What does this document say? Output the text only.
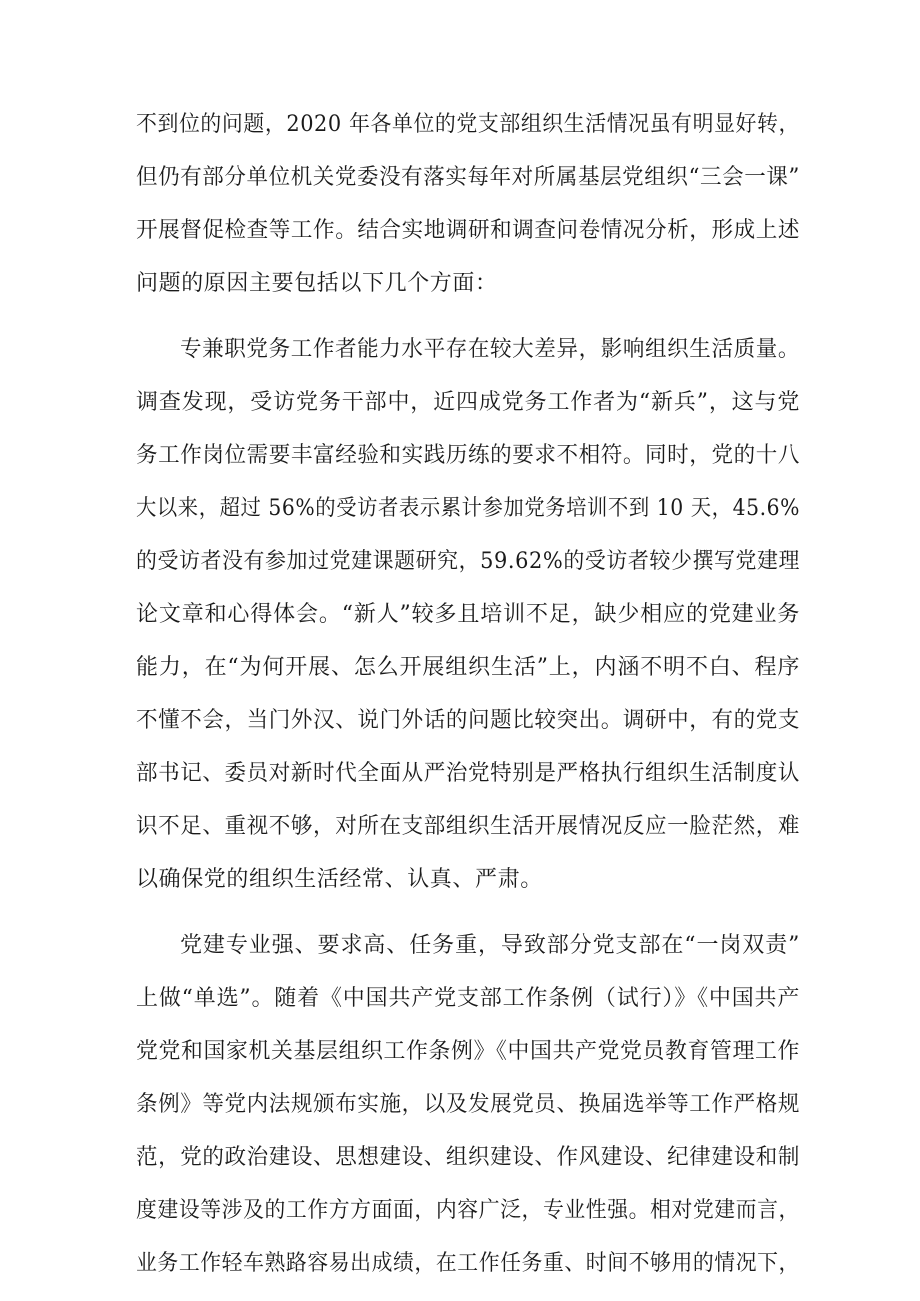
不到位的问题，2020 年各单位的党支部组织生活情况虽有明显好转，

但仍有部分单位机关党委没有落实每年对所属基层党组织“三会一课”

开展督促检查等工作。结合实地调研和调查问卷情况分析，形成上述

问题的原因主要包括以下几个方面：

专兼职党务工作者能力水平存在较大差异，影响组织生活质量。

调查发现，受访党务干部中，近四成党务工作者为“新兵”，这与党

务工作岗位需要丰富经验和实践历练的要求不相符。同时，党的十八

大以来，超过 56%的受访者表示累计参加党务培训不到 10 天，45.6%

的受访者没有参加过党建课题研究，59.62%的受访者较少撰写党建理

论文章和心得体会。“新人”较多且培训不足，缺少相应的党建业务

能力，在“为何开展、怎么开展组织生活”上，内涵不明不白、程序

不懂不会，当门外汉、说门外话的问题比较突出。调研中，有的党支

部书记、委员对新时代全面从严治党特别是严格执行组织生活制度认

识不足、重视不够，对所在支部组织生活开展情况反应一脸茫然，难

以确保党的组织生活经常、认真、严肃。

党建专业强、要求高、任务重，导致部分党支部在“一岗双责”

上做“单选”。随着《中国共产党支部工作条例（试行）》《中国共产

党党和国家机关基层组织工作条例》《中国共产党党员教育管理工作

条例》等党内法规颁布实施，以及发展党员、换届选举等工作严格规

范，党的政治建设、思想建设、组织建设、作风建设、纪律建设和制

度建设等涉及的工作方方面面，内容广泛，专业性强。相对党建而言，

业务工作轻车熟路容易出成绩，在工作任务重、时间不够用的情况下，
